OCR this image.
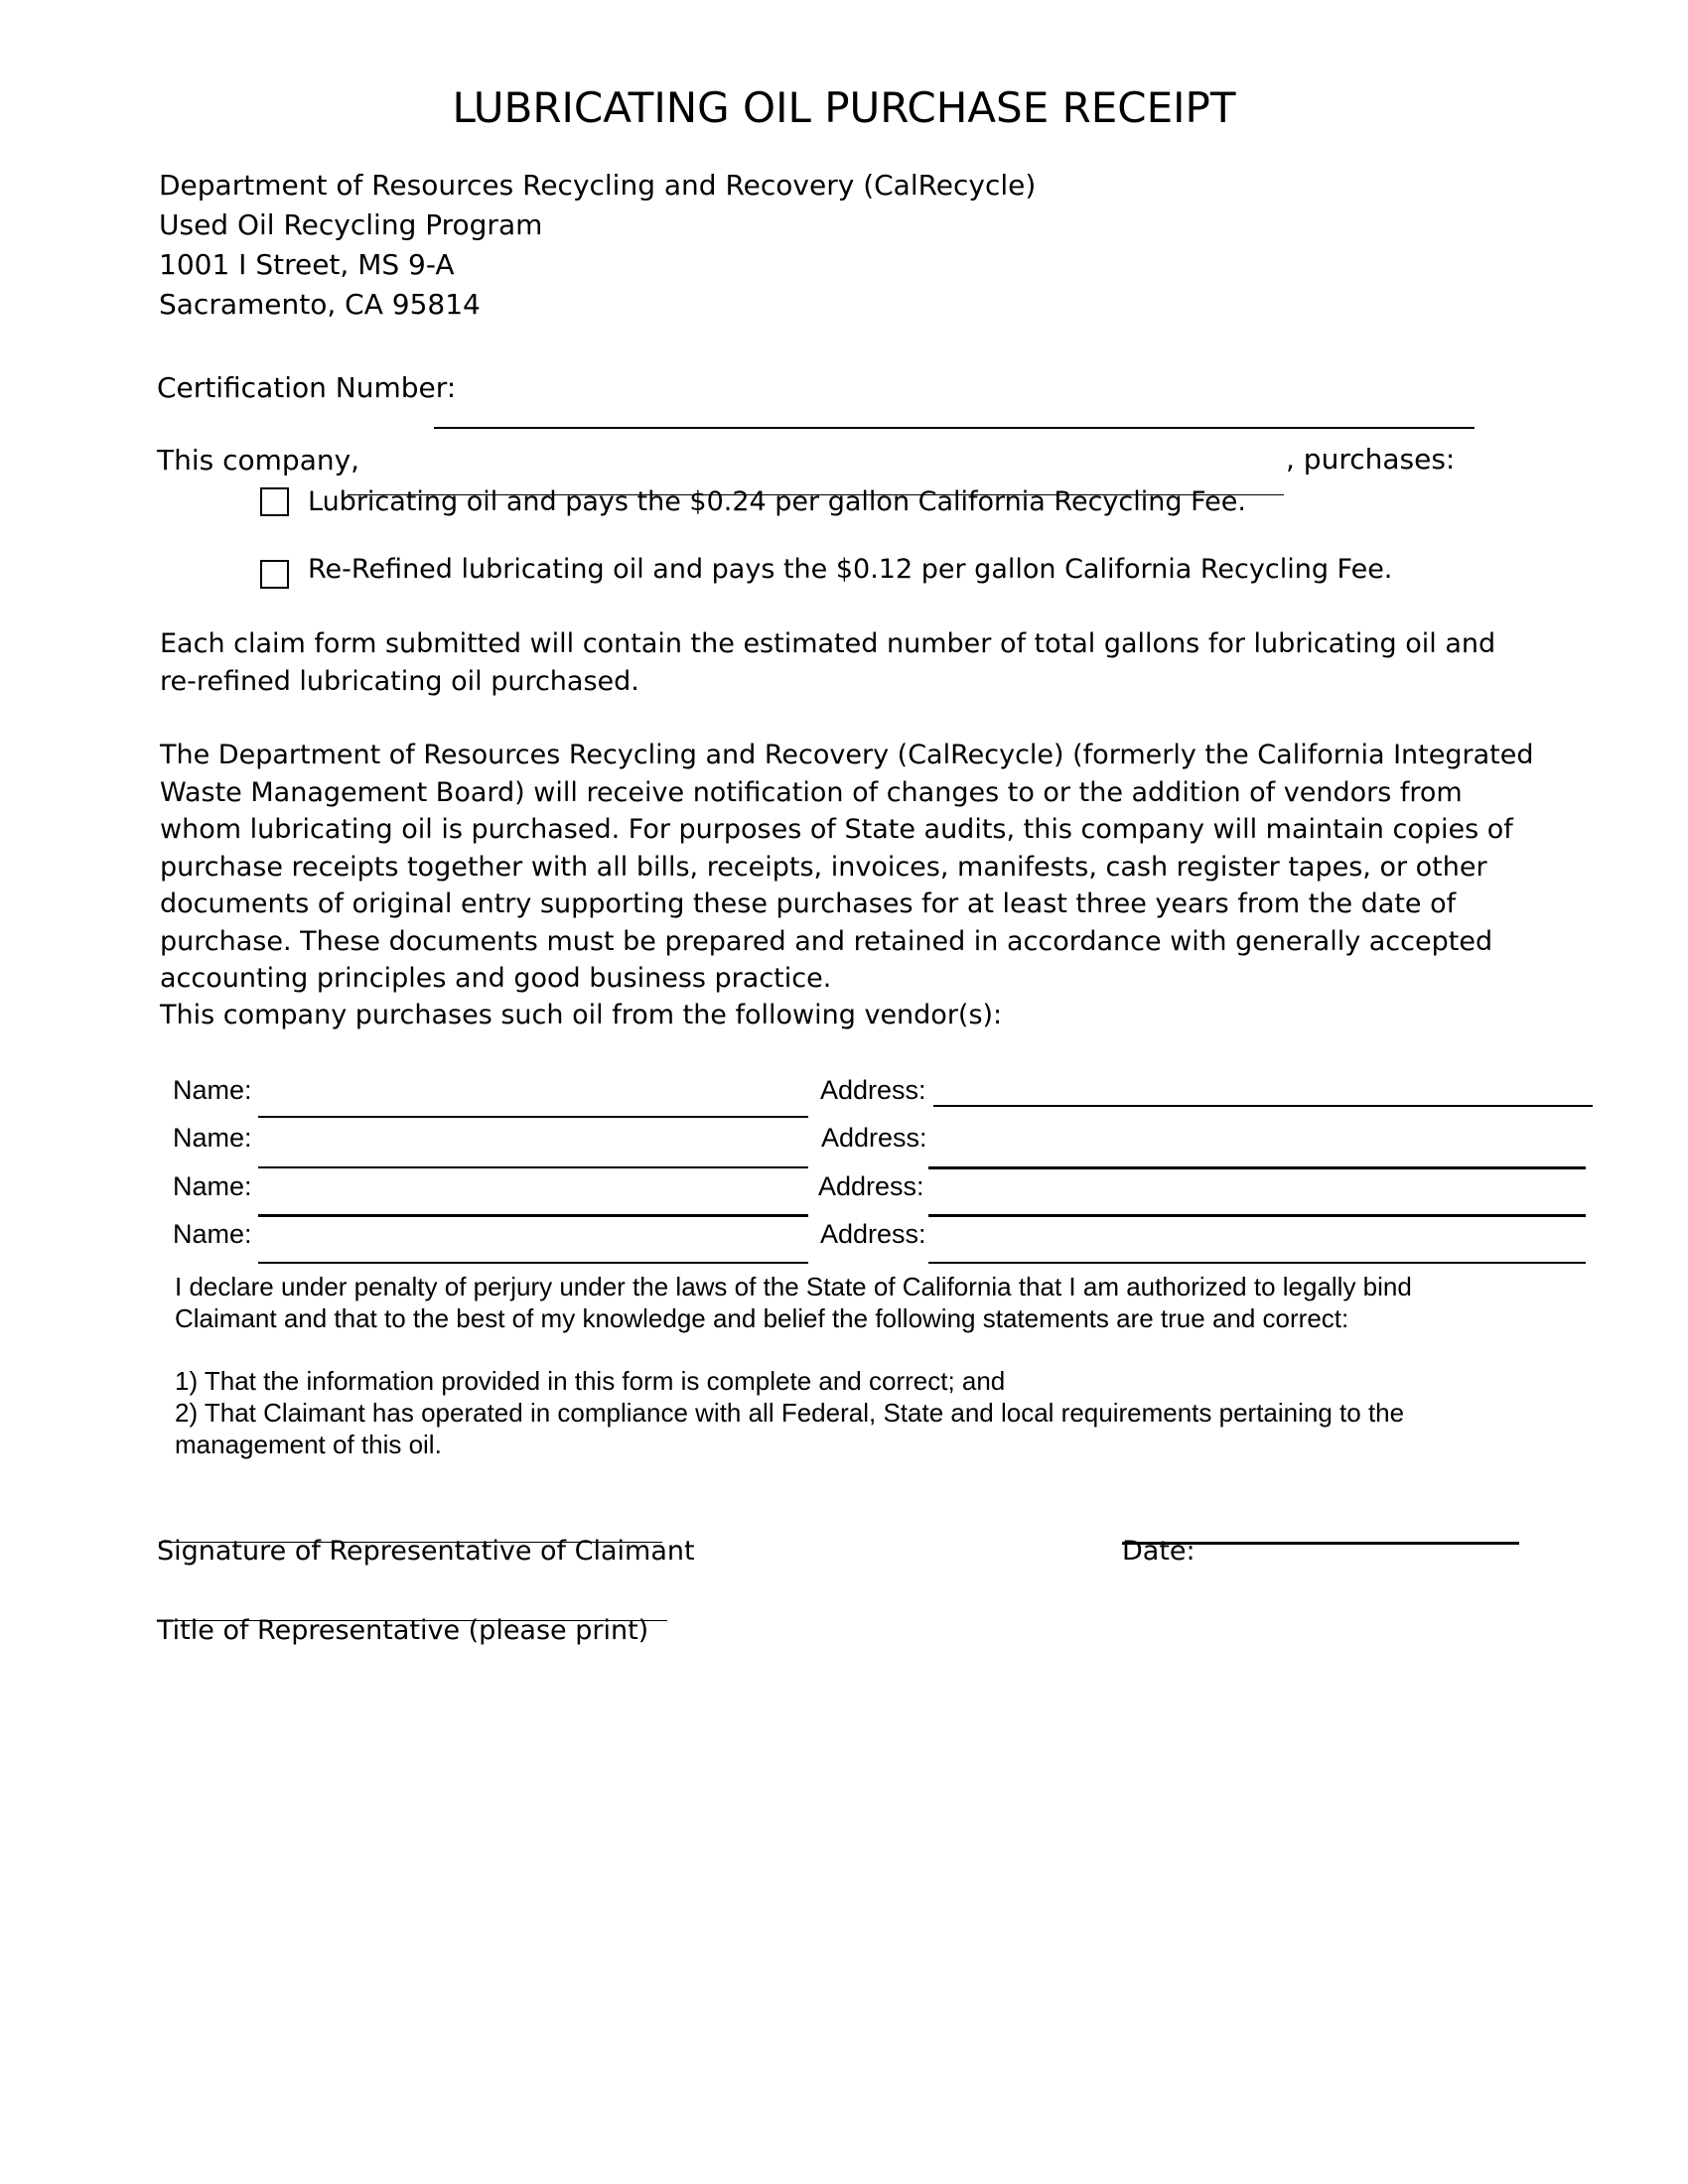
LUBRICATING OIL PURCHASE RECEIPT
Department of Resources Recycling and Recovery (CalRecycle)
Used Oil Recycling Program
1001 I Street, MS 9-A
Sacramento, CA 95814
Certification Number:
This company,	, purchases:
Lubricating oil and pays the $0.24 per gallon California Recycling Fee.
Re-Refined lubricating oil and pays the $0.12 per gallon California Recycling Fee.
Each claim form submitted will contain the estimated number of total gallons for lubricating oil and re-refined lubricating oil purchased.
The Department of Resources Recycling and Recovery (CalRecycle) (formerly the California Integrated Waste Management Board) will receive notification of changes to or the addition of vendors from whom lubricating oil is purchased. For purposes of State audits, this company will maintain copies of purchase receipts together with all bills, receipts, invoices, manifests, cash register tapes, or other documents of original entry supporting these purchases for at least three years from the date of purchase. These documents must be prepared and retained in accordance with generally accepted accounting principles and good business practice.
This company purchases such oil from the following vendor(s):
Name:	Address:
Name:	Address:
Name:	Address:
Name:	Address:
I declare under penalty of perjury under the laws of the State of California that I am authorized to legally bind Claimant and that to the best of my knowledge and belief the following statements are true and correct:
1) That the information provided in this form is complete and correct; and
2) That Claimant has operated in compliance with all Federal, State and local requirements pertaining to the management of this oil.
Signature of Representative of Claimant	Date:
Title of Representative (please print)
